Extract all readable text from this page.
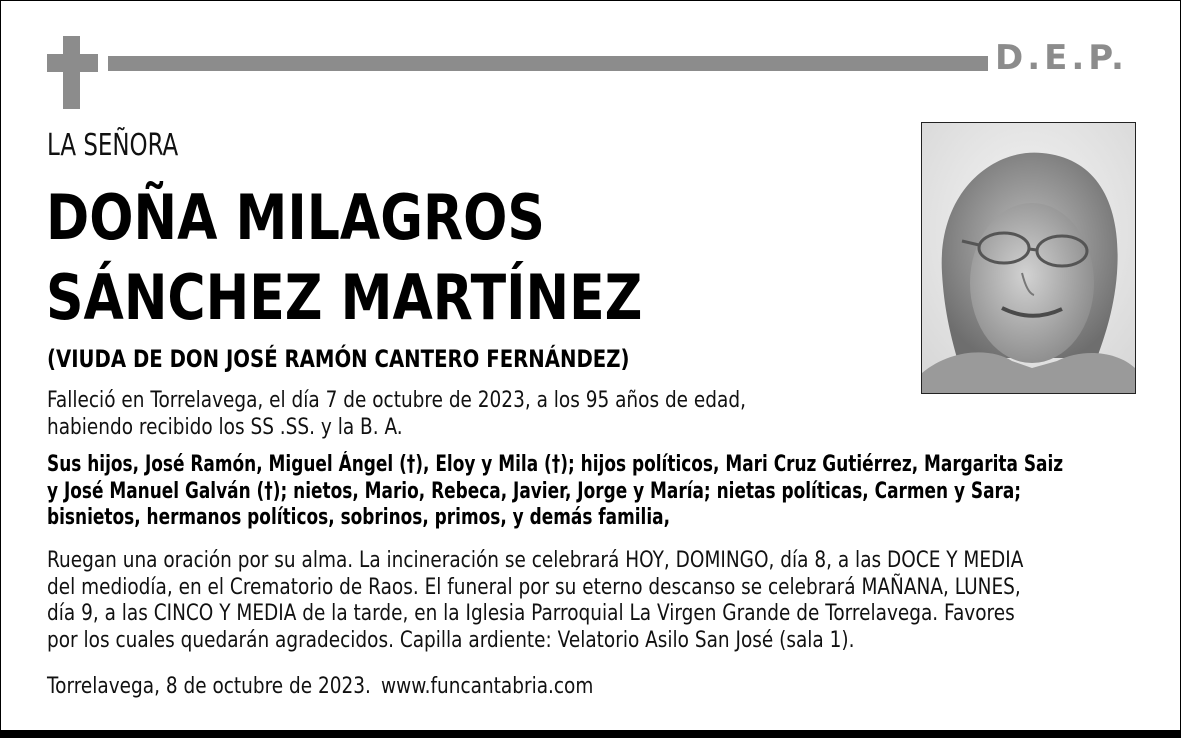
D.E.P.
LA SEÑORA
DOÑA MILAGROS
SÁNCHEZ MARTÍNEZ
(VIUDA DE DON JOSÉ RAMÓN CANTERO FERNÁNDEZ)
Falleció en Torrelavega, el día 7 de octubre de 2023, a los 95 años de edad,
habiendo recibido los SS .SS. y la B. A.
Sus hijos, José Ramón, Miguel Ángel (†), Eloy y Mila (†); hijos políticos, Mari Cruz Gutiérrez, Margarita Saiz
y José Manuel Galván (†); nietos, Mario, Rebeca, Javier, Jorge y María; nietas políticas, Carmen y Sara;
bisnietos, hermanos políticos, sobrinos, primos, y demás familia,
Ruegan una oración por su alma. La incineración se celebrará HOY, DOMINGO, día 8, a las DOCE Y MEDIA
del mediodía, en el Crematorio de Raos. El funeral por su eterno descanso se celebrará MAÑANA, LUNES,
día 9, a las CINCO Y MEDIA de la tarde, en la Iglesia Parroquial La Virgen Grande de Torrelavega. Favores
por los cuales quedarán agradecidos. Capilla ardiente: Velatorio Asilo San José (sala 1).
Torrelavega, 8 de octubre de 2023. www.funcantabria.com
